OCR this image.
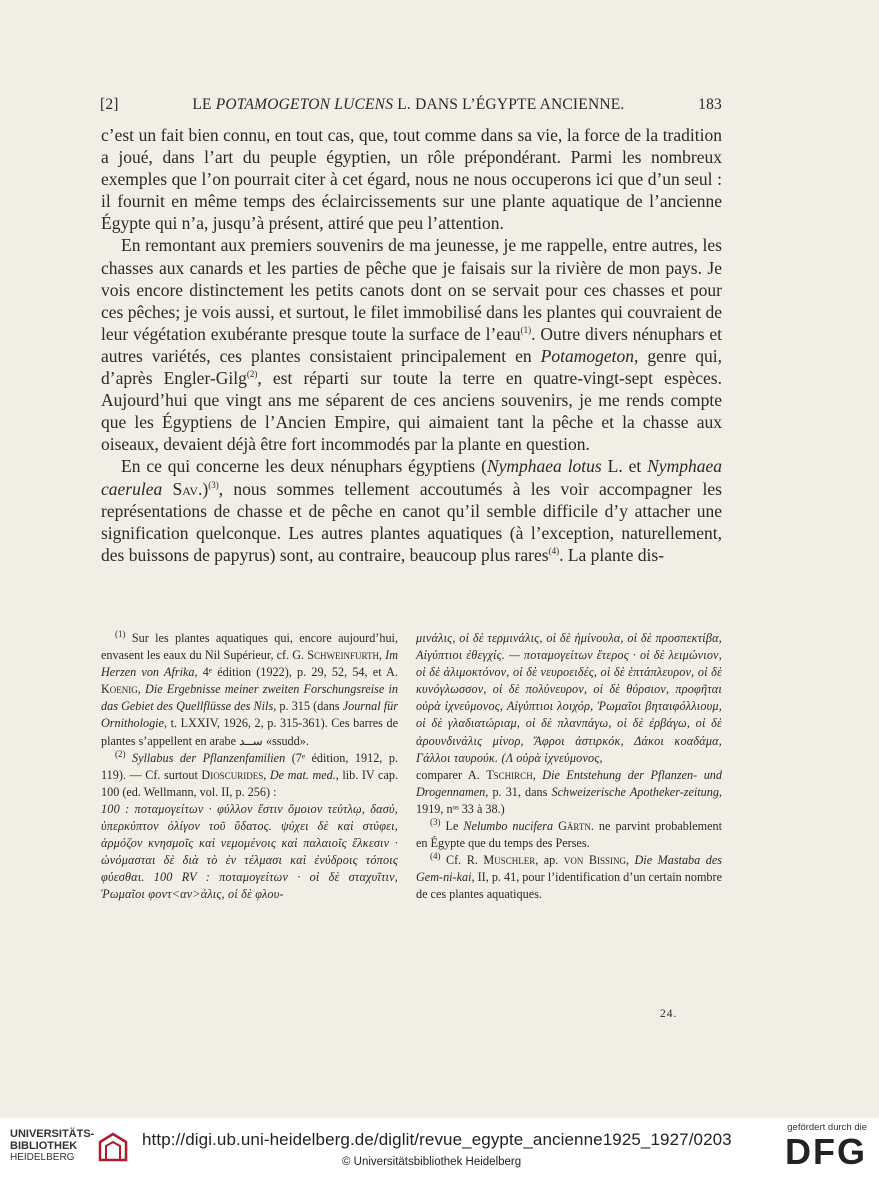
[2]	LE POTAMOGETON LUCENS L. DANS L’ÉGYPTE ANCIENNE.	183

c’est un fait bien connu, en tout cas, que, tout comme dans sa vie, la force de la tradition a joué, dans l’art du peuple égyptien, un rôle prépondérant. Parmi les nombreux exemples que l’on pourrait citer à cet égard, nous ne nous occuperons ici que d’un seul : il fournit en même temps des éclaircissements sur une plante aquatique de l’ancienne Égypte qui n’a, jusqu’à présent, attiré que peu l’attention.

En remontant aux premiers souvenirs de ma jeunesse, je me rappelle, entre autres, les chasses aux canards et les parties de pêche que je faisais sur la rivière de mon pays. Je vois encore distinctement les petits canots dont on se servait pour ces chasses et pour ces pêches; je vois aussi, et surtout, le filet immobilisé dans les plantes qui couvraient de leur végétation exubérante presque toute la surface de l’eau$^{(1)}$. Outre divers nénuphars et autres variétés, ces plantes consistaient principalement en Potamogeton, genre qui, d’après Engler-Gilg$^{(2)}$, est réparti sur toute la terre en quatre-vingt-sept espèces. Aujourd’hui que vingt ans me séparent de ces anciens souvenirs, je me rends compte que les Égyptiens de l’Ancien Empire, qui aimaient tant la pêche et la chasse aux oiseaux, devaient déjà être fort incommodés par la plante en question.

En ce qui concerne les deux nénuphars égyptiens (Nymphaea lotus L. et Nymphaea caerulea Sav.)$^{(3)}$, nous sommes tellement accoutumés à les voir accompagner les représentations de chasse et de pêche en canot qu’il semble difficile d’y attacher une signification quelconque. Les autres plantes aquatiques (à l’exception, naturellement, des buissons de papyrus) sont, au contraire, beaucoup plus rares$^{(4)}$. La plante dis-

$^{(1)}$ Sur les plantes aquatiques qui, encore aujourd’hui, envasent les eaux du Nil Supérieur, cf. G. Schweinfurth, Im Herzen von Afrika, 4ᵉ édition (1922), p. 29, 52, 54, et A. Koenig, Die Ergebnisse meiner zweiten Forschungsreise in das Gebiet des Quellflüsse des Nils, p. 315 (dans Journal für Ornithologie, t. LXXIV, 1926, 2, p. 315-361). Ces barres de plantes s’appellent en arabe ســد «ssudd».

$^{(2)}$ Syllabus der Pflanzenfamilien (7ᵉ édition, 1912, p. 119). — Cf. surtout Dioscurides, De mat. med., lib. IV cap. 100 (ed. Wellmann, vol. II, p. 256) :

100 : ποταμογείτων · φύλλον ἔστιν ὅμοιον τεύτλῳ, δασύ, ὑπερκύπτον ὀλίγον τοῦ ὕδατος. ψύχει δὲ καὶ στύφει, ἁρμόζον κνησμοῖς καὶ νεμομένοις καὶ παλαιοῖς ἕλκεσιν · ὠνόμασται δὲ διὰ τὸ ἐν τέλμασι καὶ ἐνύδροις τόποις φύεσθαι. 100 RV : ποταμογείτων · οἱ δὲ σταχυῖτιν, Ῥωμαῖοι φοντ<αν>άλις, οἱ δὲ φλου-

μινάλις, οἱ δὲ τερμινάλις, οἱ δὲ ἠμίνουλα, οἱ δὲ προσπεκτίβα, Αἰγύπτιοι ἐθεγχίς. — ποταμογείτων ἕτερος · οἱ δὲ λειμώνιον, οἱ δὲ ἀλιμοκτόνον, οἱ δὲ νευροειδές, οἱ δὲ ἑπτάπλευρον, οἱ δὲ κυνόγλωσσον, οἱ δὲ πολύνευρον, οἱ δὲ θύρσιον, προφῆται οὐρὰ ἰχνεύμονος, Αἰγύπτιοι λοιχόρ, Ῥωμαῖοι βηταιφόλλιουμ, οἱ δὲ γλαδιατώριαμ, οἱ δὲ πλανπάγω, οἱ δὲ ἐρβάγω, οἱ δὲ ἀρουνδινάλις μίνορ, Ἄφροι ἀστιρκόκ, Δάκοι κοαδάμα, Γάλλοι ταυρούκ. (Λ οὐρὰ ἰχνεύμονος,

comparer A. Tschirch, Die Entstehung der Pflanzen- und Drogennamen, p. 31, dans Schweizerische Apotheker-zeitung, 1919, nᵒˢ 33 à 38.)

$^{(3)}$ Le Nelumbo nucifera Gärtn. ne parvint probablement en Égypte que du temps des Perses.

$^{(4)}$ Cf. R. Muschler, ap. von Bissing, Die Mastaba des Gem-ni-kai, II, p. 41, pour l’identification d’un certain nombre de ces plantes aquatiques.

24.
UNIVERSITÄTS-
BIBLIOTHEK
HEIDELBERG
http://digi.ub.uni-heidelberg.de/diglit/revue_egypte_ancienne1925_1927/0203
© Universitätsbibliothek Heidelberg
gefördert durch die
DFG
